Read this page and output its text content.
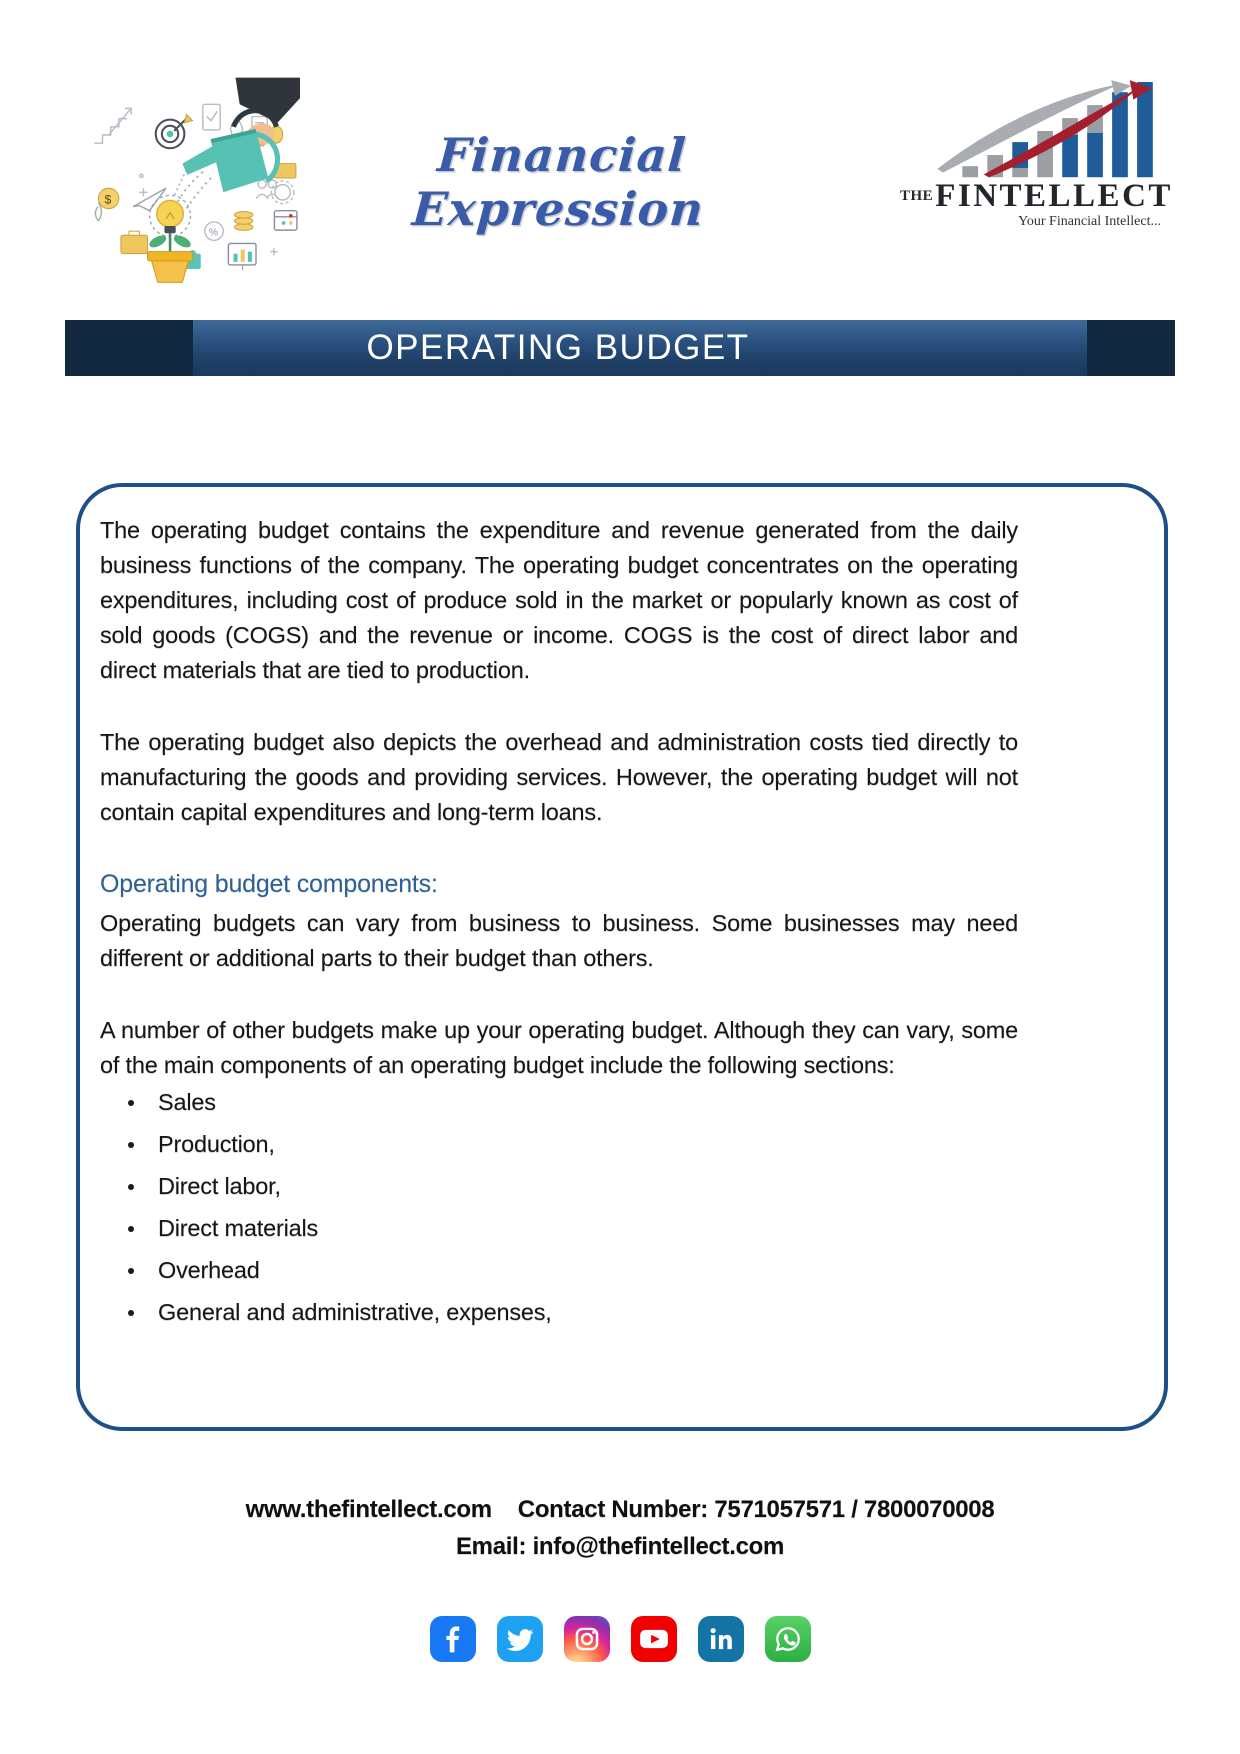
%
$
Financial Expression	THEFINTELLECT
Your Financial Intellect...
OPERATING BUDGET

The operating budget contains the expenditure and revenue generated from the daily business functions of the company. The operating budget concentrates on the operating expenditures, including cost of produce sold in the market or popularly known as cost of sold goods (COGS) and the revenue or income. COGS is the cost of direct labor and direct materials that are tied to production.

The operating budget also depicts the overhead and administration costs tied directly to manufacturing the goods and providing services. However, the operating budget will not contain capital expenditures and long-term loans.

Operating budget components:

Operating budgets can vary from business to business. Some businesses may need different or additional parts to their budget than others.

A number of other budgets make up your operating budget. Although they can vary, some of the main components of an operating budget include the following sections:

Sales
Production,
Direct labor,
Direct materials
Overhead
General and administrative, expenses,
www.thefintellect.com Contact Number: 7571057571 / 7800070008
Email: info@thefintellect.com
